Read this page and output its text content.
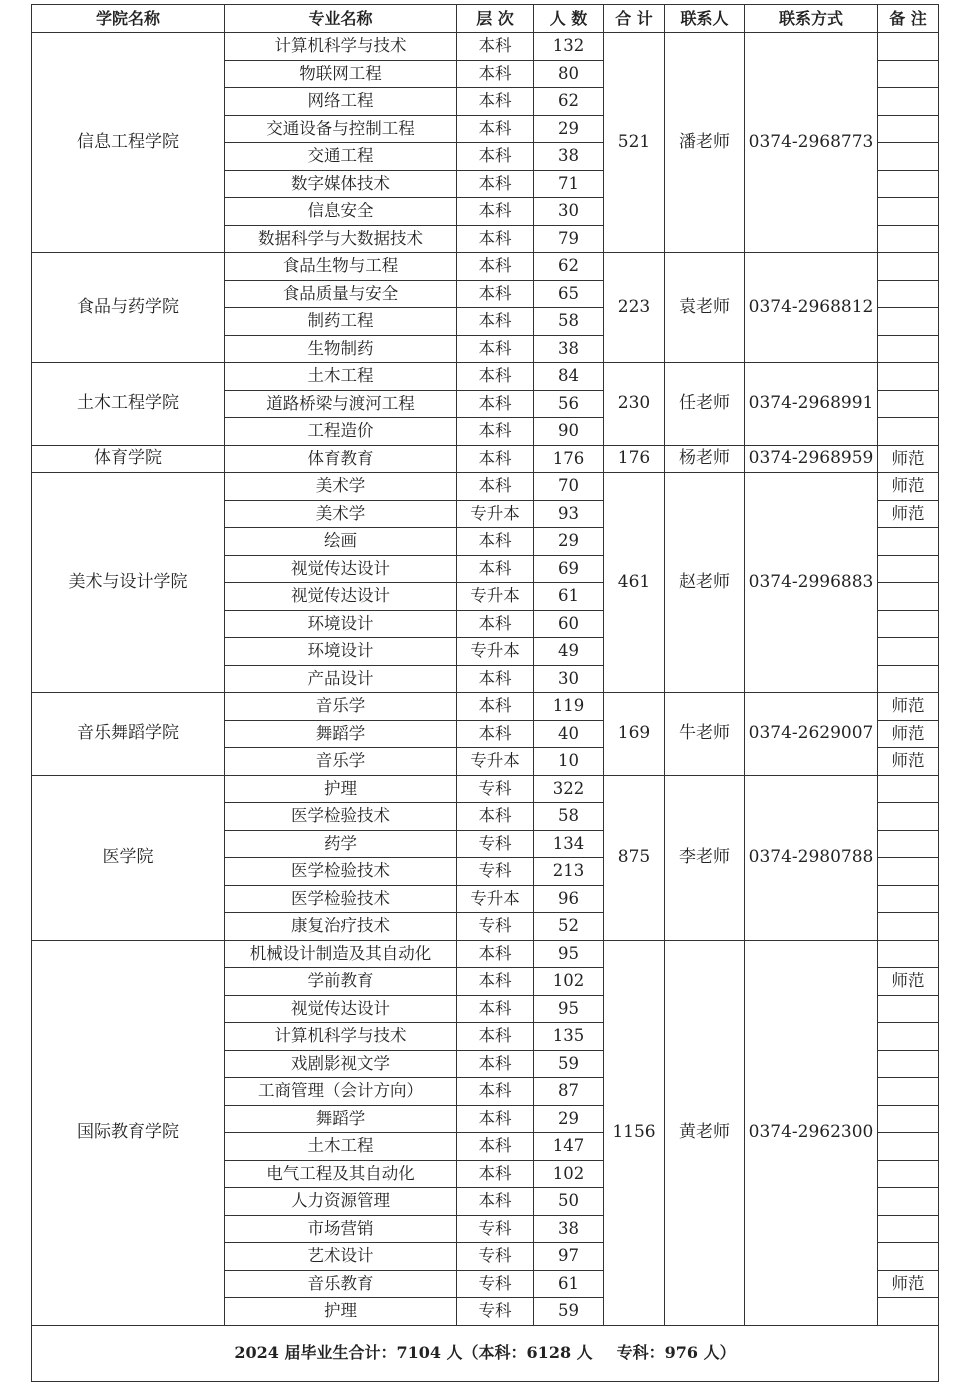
学院名称	专业名称	层 次	人 数	合 计	联系人	联系方式	备 注
信息工程学院	计算机科学与技术	本科	132	521	潘老师	0374-2968773	
	物联网工程	本科	80				
	网络工程	本科	62				
	交通设备与控制工程	本科	29				
	交通工程	本科	38				
	数字媒体技术	本科	71				
	信息安全	本科	30				
	数据科学与大数据技术	本科	79				
食品与药学院	食品生物与工程	本科	62	223	袁老师	0374-2968812	
	食品质量与安全	本科	65				
	制药工程	本科	58				
	生物制药	本科	38				
土木工程学院	土木工程	本科	84	230	任老师	0374-2968991	
	道路桥梁与渡河工程	本科	56				
	工程造价	本科	90				
体育学院	体育教育	本科	176	176	杨老师	0374-2968959	师范
美术与设计学院	美术学	本科	70	461	赵老师	0374-2996883	师范
	美术学	专升本	93				师范
	绘画	本科	29				
	视觉传达设计	本科	69				
	视觉传达设计	专升本	61				
	环境设计	本科	60				
	环境设计	专升本	49				
	产品设计	本科	30				
音乐舞蹈学院	音乐学	本科	119	169	牛老师	0374-2629007	师范
	舞蹈学	本科	40				师范
	音乐学	专升本	10				师范
医学院	护理	专科	322	875	李老师	0374-2980788	
	医学检验技术	本科	58				
	药学	专科	134				
	医学检验技术	专科	213				
	医学检验技术	专升本	96				
	康复治疗技术	专科	52				
国际教育学院	机械设计制造及其自动化	本科	95	1156	黄老师	0374-2962300	
	学前教育	本科	102				师范
	视觉传达设计	本科	95				
	计算机科学与技术	本科	135				
	戏剧影视文学	本科	59				
	工商管理（会计方向）	本科	87				
	舞蹈学	本科	29				
	土木工程	本科	147				
	电气工程及其自动化	本科	102				
	人力资源管理	本科	50				
	市场营销	专科	38				
	艺术设计	专科	97				
	音乐教育	专科	61				师范
	护理	专科	59				
2024 届毕业生合计：7104 人（本科：6128 人 专科：976 人）							
